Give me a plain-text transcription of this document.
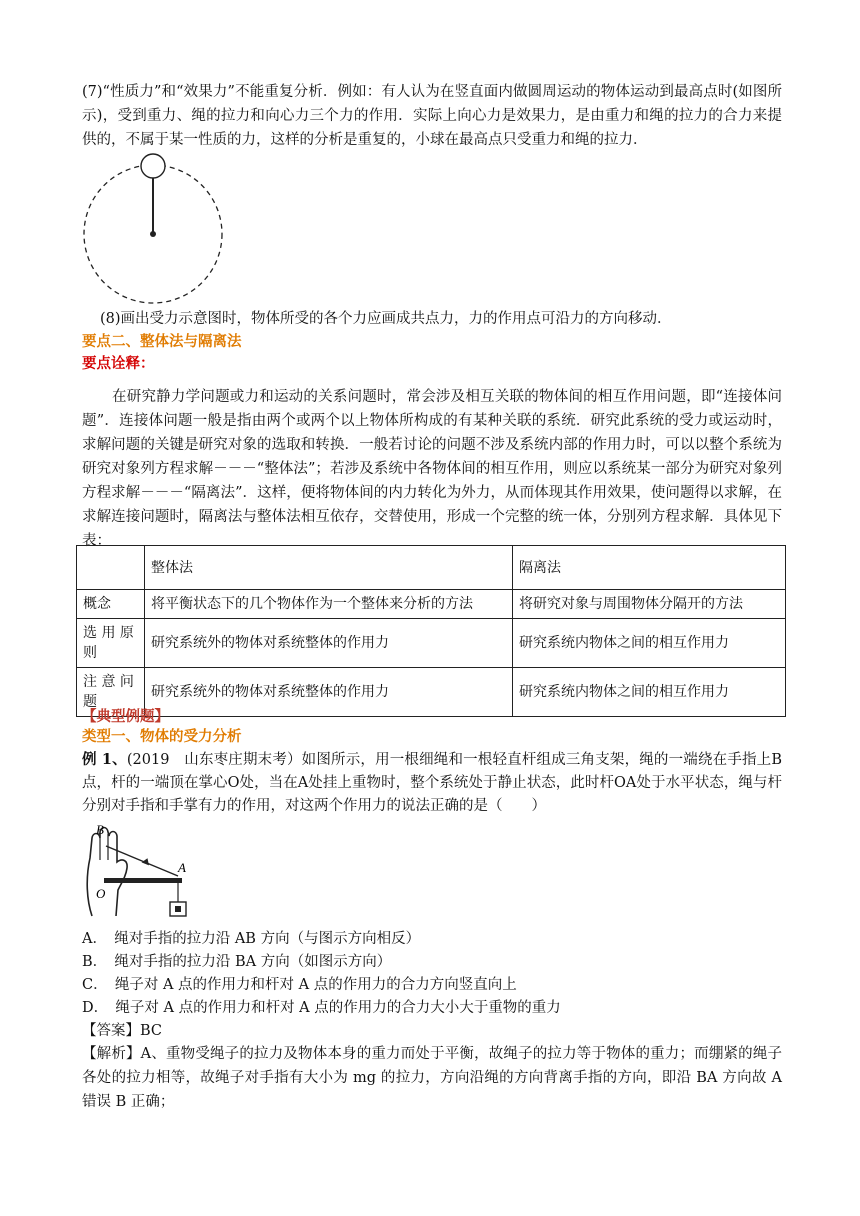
(7)“性质力”和“效果力”不能重复分析．例如：有人认为在竖直面内做圆周运动的物体运动到最高点时(如图所示)，受到重力、绳的拉力和向心力三个力的作用．实际上向心力是效果力，是由重力和绳的拉力的合力来提供的，不属于某一性质的力，这样的分析是重复的，小球在最高点只受重力和绳的拉力．
(8)画出受力示意图时，物体所受的各个力应画成共点力，力的作用点可沿力的方向移动．
要点二、整体法与隔离法
要点诠释：
在研究静力学问题或力和运动的关系问题时，常会涉及相互关联的物体间的相互作用问题，即“连接体问题”．连接体问题一般是指由两个或两个以上物体所构成的有某种关联的系统．研究此系统的受力或运动时，求解问题的关键是研究对象的选取和转换．一般若讨论的问题不涉及系统内部的作用力时，可以以整个系统为研究对象列方程求解－－－“整体法”；若涉及系统中各物体间的相互作用，则应以系统某一部分为研究对象列方程求解－－－“隔离法”．这样，便将物体间的内力转化为外力，从而体现其作用效果，使问题得以求解，在求解连接问题时，隔离法与整体法相互依存，交替使用，形成一个完整的统一体，分别列方程求解．具体见下表：
	整体法	隔离法
概念	将平衡状态下的几个物体作为一个整体来分析的方法	将研究对象与周围物体分隔开的方法
选 用 原 则	研究系统外的物体对系统整体的作用力	研究系统内物体之间的相互作用力
注 意 问 题	研究系统外的物体对系统整体的作用力	研究系统内物体之间的相互作用力
【典型例题】
类型一、物体的受力分析
例 1、(2019　山东枣庄期末考）如图所示，用一根细绳和一根轻直杆组成三角支架，绳的一端绕在手指上B点，杆的一端顶在掌心O处，当在A处挂上重物时，整个系统处于静止状态，此时杆OA处于水平状态，绳与杆分别对手指和手掌有力的作用，对这两个作用力的说法正确的是（　　）
B
A
O
A．　绳对手指的拉力沿 AB 方向（与图示方向相反）
B．　绳对手指的拉力沿 BA 方向（如图示方向）
C．　绳子对 A 点的作用力和杆对 A 点的作用力的合力方向竖直向上
D．　绳子对 A 点的作用力和杆对 A 点的作用力的合力大小大于重物的重力
【答案】BC
【解析】A、重物受绳子的拉力及物体本身的重力而处于平衡，故绳子的拉力等于物体的重力；而绷紧的绳子各处的拉力相等，故绳子对手指有大小为 mg 的拉力，方向沿绳的方向背离手指的方向，即沿 BA 方向故 A 错误 B 正确；
